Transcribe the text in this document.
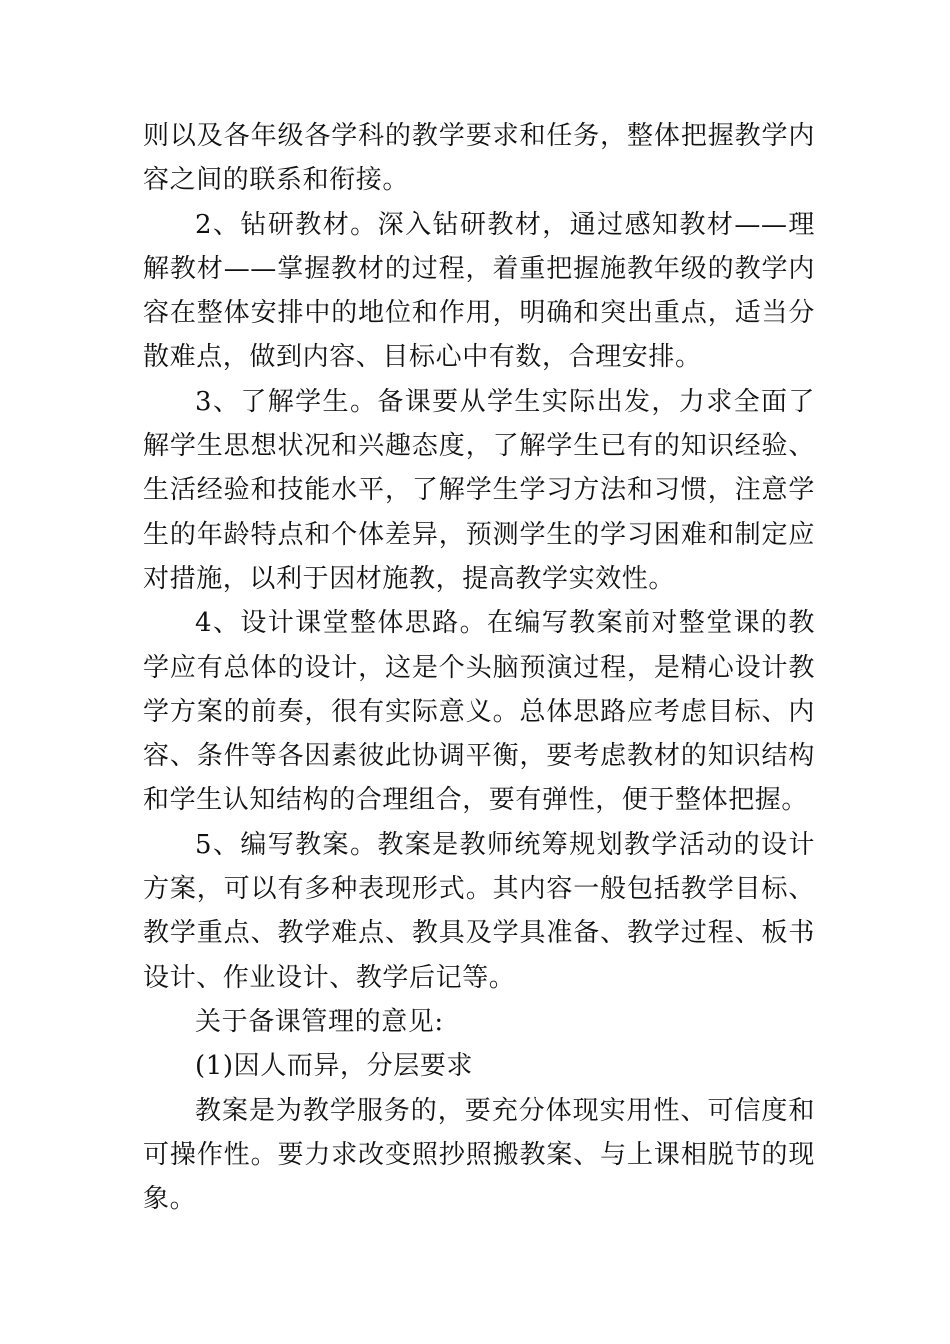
则以及各年级各学科的教学要求和任务，整体把握教学内容之间的联系和衔接。

2、钻研教材。深入钻研教材，通过感知教材——理解教材——掌握教材的过程，着重把握施教年级的教学内容在整体安排中的地位和作用，明确和突出重点，适当分散难点，做到内容、目标心中有数，合理安排。

3、了解学生。备课要从学生实际出发，力求全面了解学生思想状况和兴趣态度，了解学生已有的知识经验、生活经验和技能水平，了解学生学习方法和习惯，注意学生的年龄特点和个体差异，预测学生的学习困难和制定应对措施，以利于因材施教，提高教学实效性。

4、设计课堂整体思路。在编写教案前对整堂课的教学应有总体的设计，这是个头脑预演过程，是精心设计教学方案的前奏，很有实际意义。总体思路应考虑目标、内容、条件等各因素彼此协调平衡，要考虑教材的知识结构和学生认知结构的合理组合，要有弹性，便于整体把握。

5、编写教案。教案是教师统筹规划教学活动的设计方案，可以有多种表现形式。其内容一般包括教学目标、教学重点、教学难点、教具及学具准备、教学过程、板书设计、作业设计、教学后记等。

关于备课管理的意见:

(1)因人而异，分层要求

教案是为教学服务的，要充分体现实用性、可信度和可操作性。要力求改变照抄照搬教案、与上课相脱节的现象。
